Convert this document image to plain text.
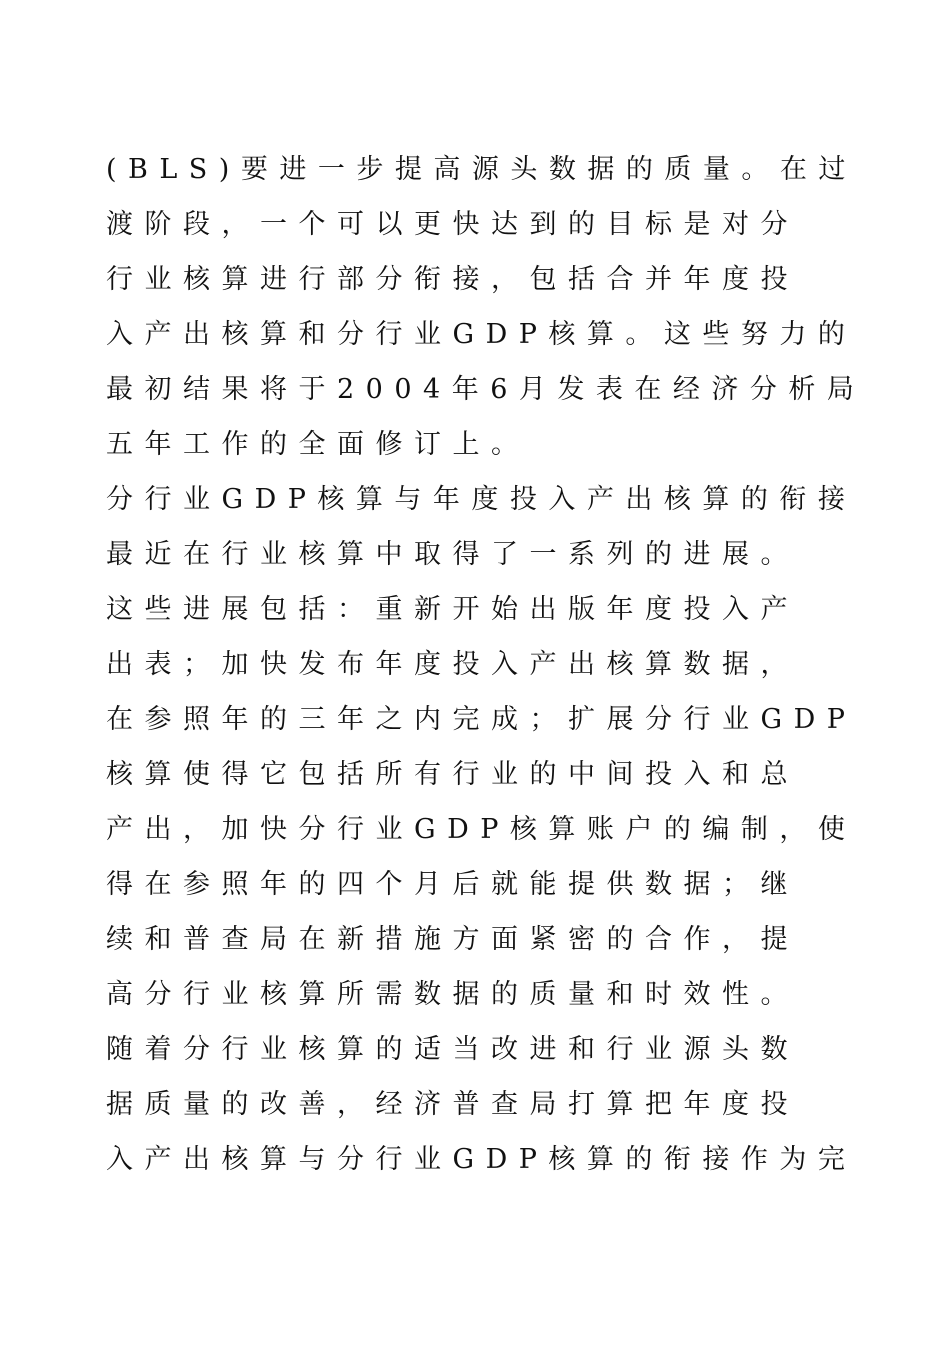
(BLS)要进一步提高源头数据的质量。在过
渡阶段，一个可以更快达到的目标是对分
行业核算进行部分衔接，包括合并年度投
入产出核算和分行业GDP核算。这些努力的
最初结果将于2004年6月发表在经济分析局
五年工作的全面修订上。
分行业GDP核算与年度投入产出核算的衔接
最近在行业核算中取得了一系列的进展。
这些进展包括：重新开始出版年度投入产
出表；加快发布年度投入产出核算数据，
在参照年的三年之内完成；扩展分行业GDP
核算使得它包括所有行业的中间投入和总
产出，加快分行业GDP核算账户的编制，使
得在参照年的四个月后就能提供数据；继
续和普查局在新措施方面紧密的合作，提
高分行业核算所需数据的质量和时效性。
随着分行业核算的适当改进和行业源头数
据质量的改善，经济普查局打算把年度投
入产出核算与分行业GDP核算的衔接作为完
